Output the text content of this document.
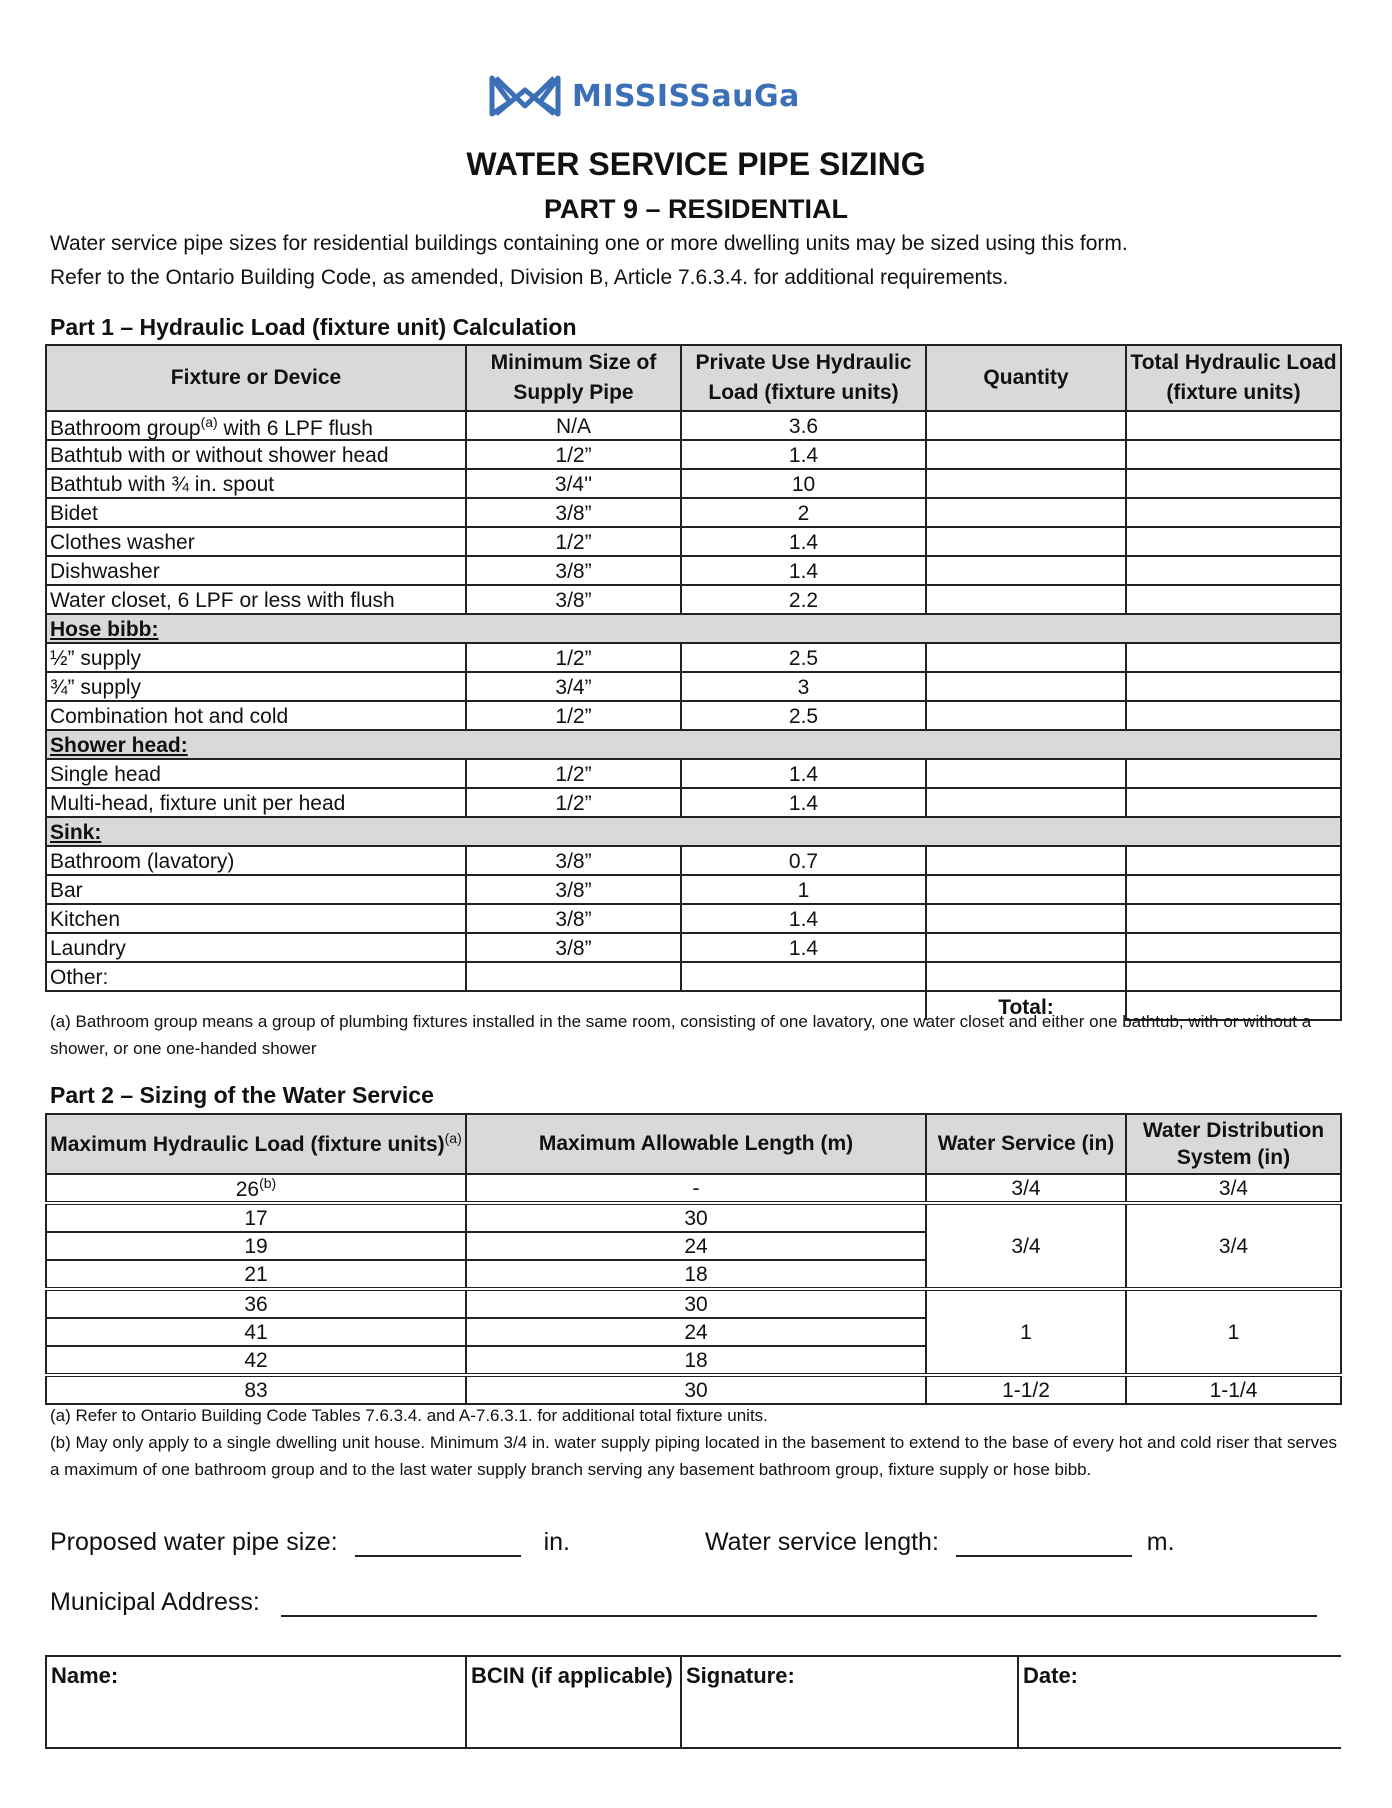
MISSISSauGa
WATER SERVICE PIPE SIZING
PART 9 – RESIDENTIAL
Water service pipe sizes for residential buildings containing one or more dwelling units may be sized using this form.
Refer to the Ontario Building Code, as amended, Division B, Article 7.6.3.4. for additional requirements.
Part 1 – Hydraulic Load (fixture unit) Calculation
Fixture or Device	Minimum Size of Supply Pipe	Private Use Hydraulic Load (fixture units)	Quantity	Total Hydraulic Load (fixture units)
Bathroom group$^{(a)}$ with 6 LPF flush	N/A	3.6		
Bathtub with or without shower head	1/2”	1.4		
Bathtub with ¾ in. spout	3/4''	10		
Bidet	3/8”	2		
Clothes washer	1/2”	1.4		
Dishwasher	3/8”	1.4		
Water closet, 6 LPF or less with flush	3/8”	2.2		
Hose bibb:				
½” supply	1/2”	2.5		
¾” supply	3/4”	3		
Combination hot and cold	1/2”	2.5		
Shower head:				
Single head	1/2”	1.4		
Multi-head, fixture unit per head	1/2”	1.4		
Sink:				
Bathroom (lavatory)	3/8”	0.7		
Bar	3/8”	1		
Kitchen	3/8”	1.4		
Laundry	3/8”	1.4		
Other:				
			Total:	
(a) Bathroom group means a group of plumbing fixtures installed in the same room, consisting of one lavatory, one water closet and either one bathtub, with or without a shower, or one one-handed shower
Part 2 – Sizing of the Water Service
Maximum Hydraulic Load (fixture units)$^{(a)}$	Maximum Allowable Length (m)	Water Service (in)	Water Distribution System (in)
26$^{(b)}$	-	3/4	3/4
17	30	3/4	3/4
19	24		
21	18		
36	30	1	1
41	24		
42	18		
83	30	1-1/2	1-1/4
(a) Refer to Ontario Building Code Tables 7.6.3.4. and A-7.6.3.1. for additional total fixture units.
(b) May only apply to a single dwelling unit house. Minimum 3/4 in. water supply piping located in the basement to extend to the base of every hot and cold riser that serves a maximum of one bathroom group and to the last water supply branch serving any basement bathroom group, fixture supply or hose bibb.
Proposed water pipe size:	in.	Water service length:	m.
Municipal Address:
Name:	BCIN (if applicable)	Signature:	Date:
